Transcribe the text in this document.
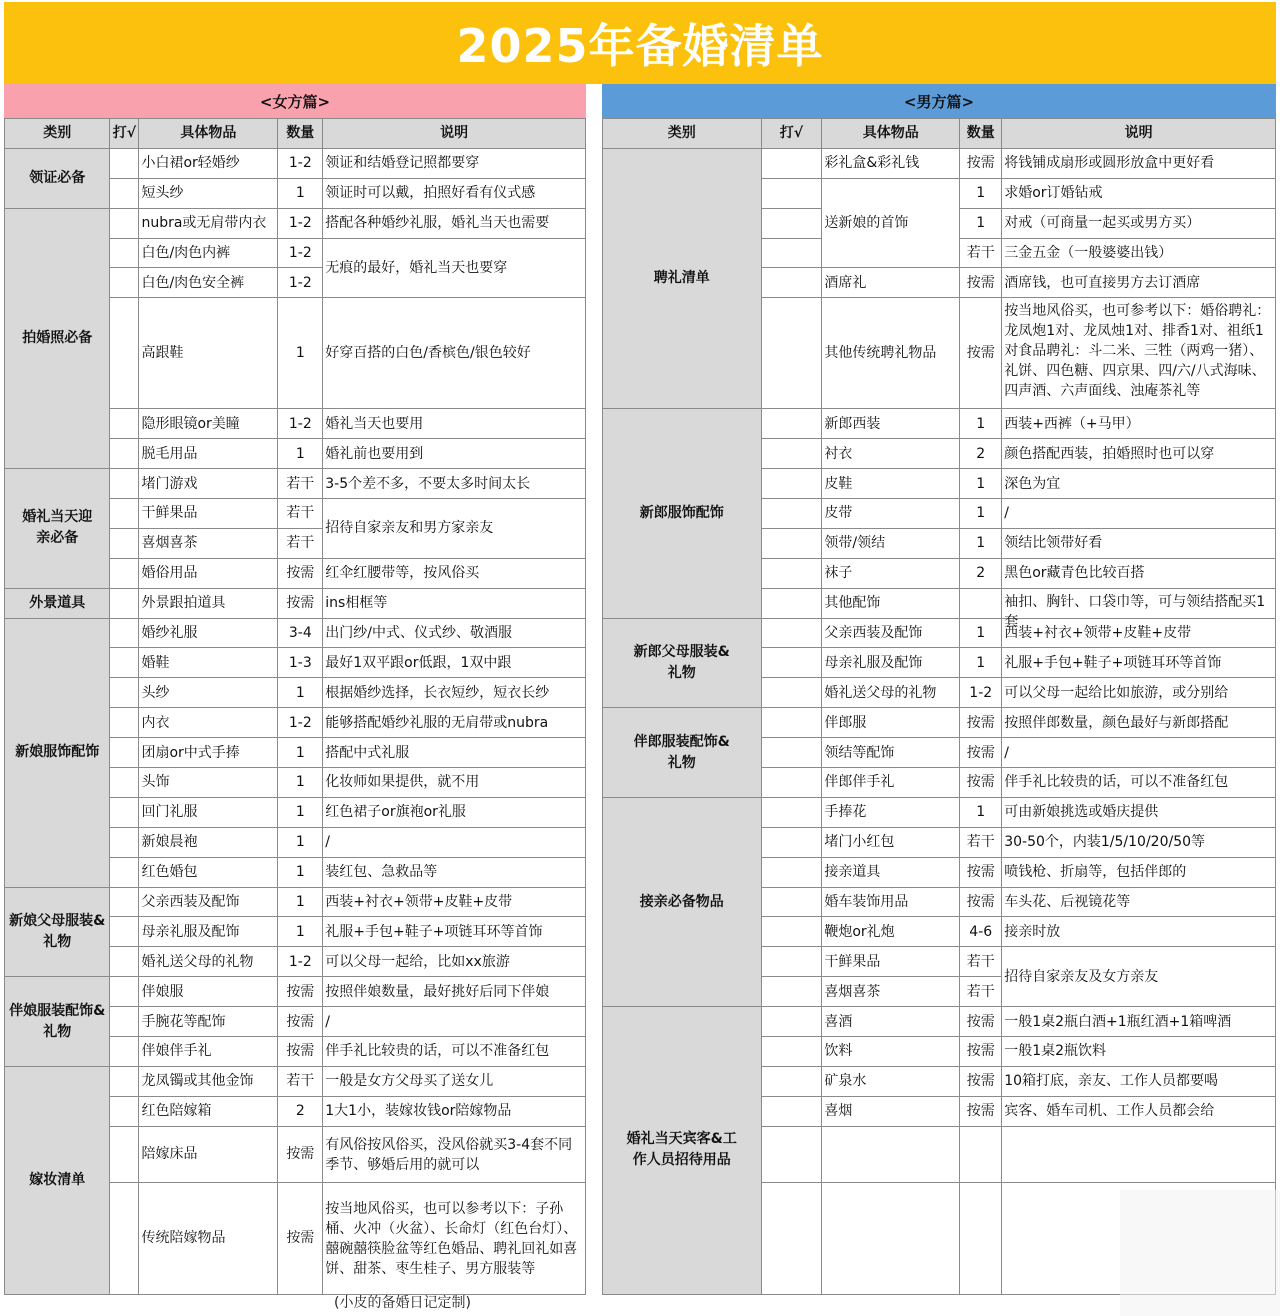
2025年备婚清单
<女方篇>
类别	打√	具体物品	数量	说明
领证必备		小白裙or轻婚纱	1-2	领证和结婚登记照都要穿
		短头纱	1	领证时可以戴，拍照好看有仪式感
拍婚照必备		nubra或无肩带内衣	1-2	搭配各种婚纱礼服，婚礼当天也需要
		白色/肉色内裤	1-2	无痕的最好，婚礼当天也要穿
		白色/肉色安全裤	1-2	
		高跟鞋	1	好穿百搭的白色/香槟色/银色较好
		隐形眼镜or美瞳	1-2	婚礼当天也要用
		脱毛用品	1	婚礼前也要用到
婚礼当天迎亲必备		堵门游戏	若干	3-5个差不多，不要太多时间太长
		干鲜果品	若干	招待自家亲友和男方家亲友
		喜烟喜茶	若干	
		婚俗用品	按需	红伞红腰带等，按风俗买
外景道具		外景跟拍道具	按需	ins相框等
新娘服饰配饰		婚纱礼服	3-4	出门纱/中式、仪式纱、敬酒服
		婚鞋	1-3	最好1双平跟or低跟，1双中跟
		头纱	1	根据婚纱选择，长衣短纱，短衣长纱
		内衣	1-2	能够搭配婚纱礼服的无肩带或nubra
		团扇or中式手捧	1	搭配中式礼服
		头饰	1	化妆师如果提供，就不用
		回门礼服	1	红色裙子or旗袍or礼服
		新娘晨袍	1	/
		红色婚包	1	装红包、急救品等
新娘父母服装&礼物		父亲西装及配饰	1	西装+衬衣+领带+皮鞋+皮带
		母亲礼服及配饰	1	礼服+手包+鞋子+项链耳环等首饰
		婚礼送父母的礼物	1-2	可以父母一起给，比如xx旅游
伴娘服装配饰&礼物		伴娘服	按需	按照伴娘数量，最好挑好后同下伴娘
		手腕花等配饰	按需	/
		伴娘伴手礼	按需	伴手礼比较贵的话，可以不准备红包
嫁妆清单		龙凤镯或其他金饰	若干	一般是女方父母买了送女儿
		红色陪嫁箱	2	1大1小，装嫁妆钱or陪嫁物品
		陪嫁床品	按需	有风俗按风俗买，没风俗就买3-4套不同季节、够婚后用的就可以
		传统陪嫁物品	按需	按当地风俗买，也可以参考以下：子孙桶、火冲（火盆）、长命灯（红色台灯）、囍碗囍筷脸盆等红色婚品、聘礼回礼如喜饼、甜茶、枣生桂子、男方服装等
<男方篇>
类别	打√	具体物品	数量	说明
聘礼清单		彩礼盒&彩礼钱	按需	将钱铺成扇形或圆形放盒中更好看
		送新娘的首饰	1	求婚or订婚钻戒
			1	对戒（可商量一起买或男方买）
			若干	三金五金（一般婆婆出钱）
		酒席礼	按需	酒席钱，也可直接男方去订酒席
		其他传统聘礼物品	按需	按当地风俗买，也可参考以下：婚俗聘礼：龙凤炮1对、龙凤烛1对、排香1对、祖纸1对食品聘礼：斗二米、三牲（两鸡一猪）、礼饼、四色糖、四京果、四/六/八式海味、四声酒、六声面线、浊庵茶礼等

新郎服饰配饰		新郎西装	1	西装+西裤（+马甲）
		衬衣	2	颜色搭配西装，拍婚照时也可以穿
		皮鞋	1	深色为宜
		皮带	1	/
		领带/领结	1	领结比领带好看
		袜子	2	黑色or藏青色比较百搭
		其他配饰		袖扣、胸针、口袋巾等，可与领结搭配买1套

新郎父母服装&礼物		父亲西装及配饰	1	西装+衬衣+领带+皮鞋+皮带
		母亲礼服及配饰	1	礼服+手包+鞋子+项链耳环等首饰
		婚礼送父母的礼物	1-2	可以父母一起给比如旅游，或分别给
伴郎服装配饰&礼物		伴郎服	按需	按照伴郎数量，颜色最好与新郎搭配
		领结等配饰	按需	/
		伴郎伴手礼	按需	伴手礼比较贵的话，可以不准备红包
接亲必备物品		手捧花	1	可由新娘挑选或婚庆提供
		堵门小红包	若干	30-50个，内装1/5/10/20/50等
		接亲道具	按需	喷钱枪、折扇等，包括伴郎的
		婚车装饰用品	按需	车头花、后视镜花等
		鞭炮or礼炮	4-6	接亲时放
		干鲜果品	若干	招待自家亲友及女方亲友
		喜烟喜茶	若干	
婚礼当天宾客&工作人员招待用品		喜酒	按需	一般1桌2瓶白酒+1瓶红酒+1箱啤酒
		饮料	按需	一般1桌2瓶饮料
		矿泉水	按需	10箱打底，亲友、工作人员都要喝
		喜烟	按需	宾客、婚车司机、工作人员都会给

(小皮的备婚日记定制)
